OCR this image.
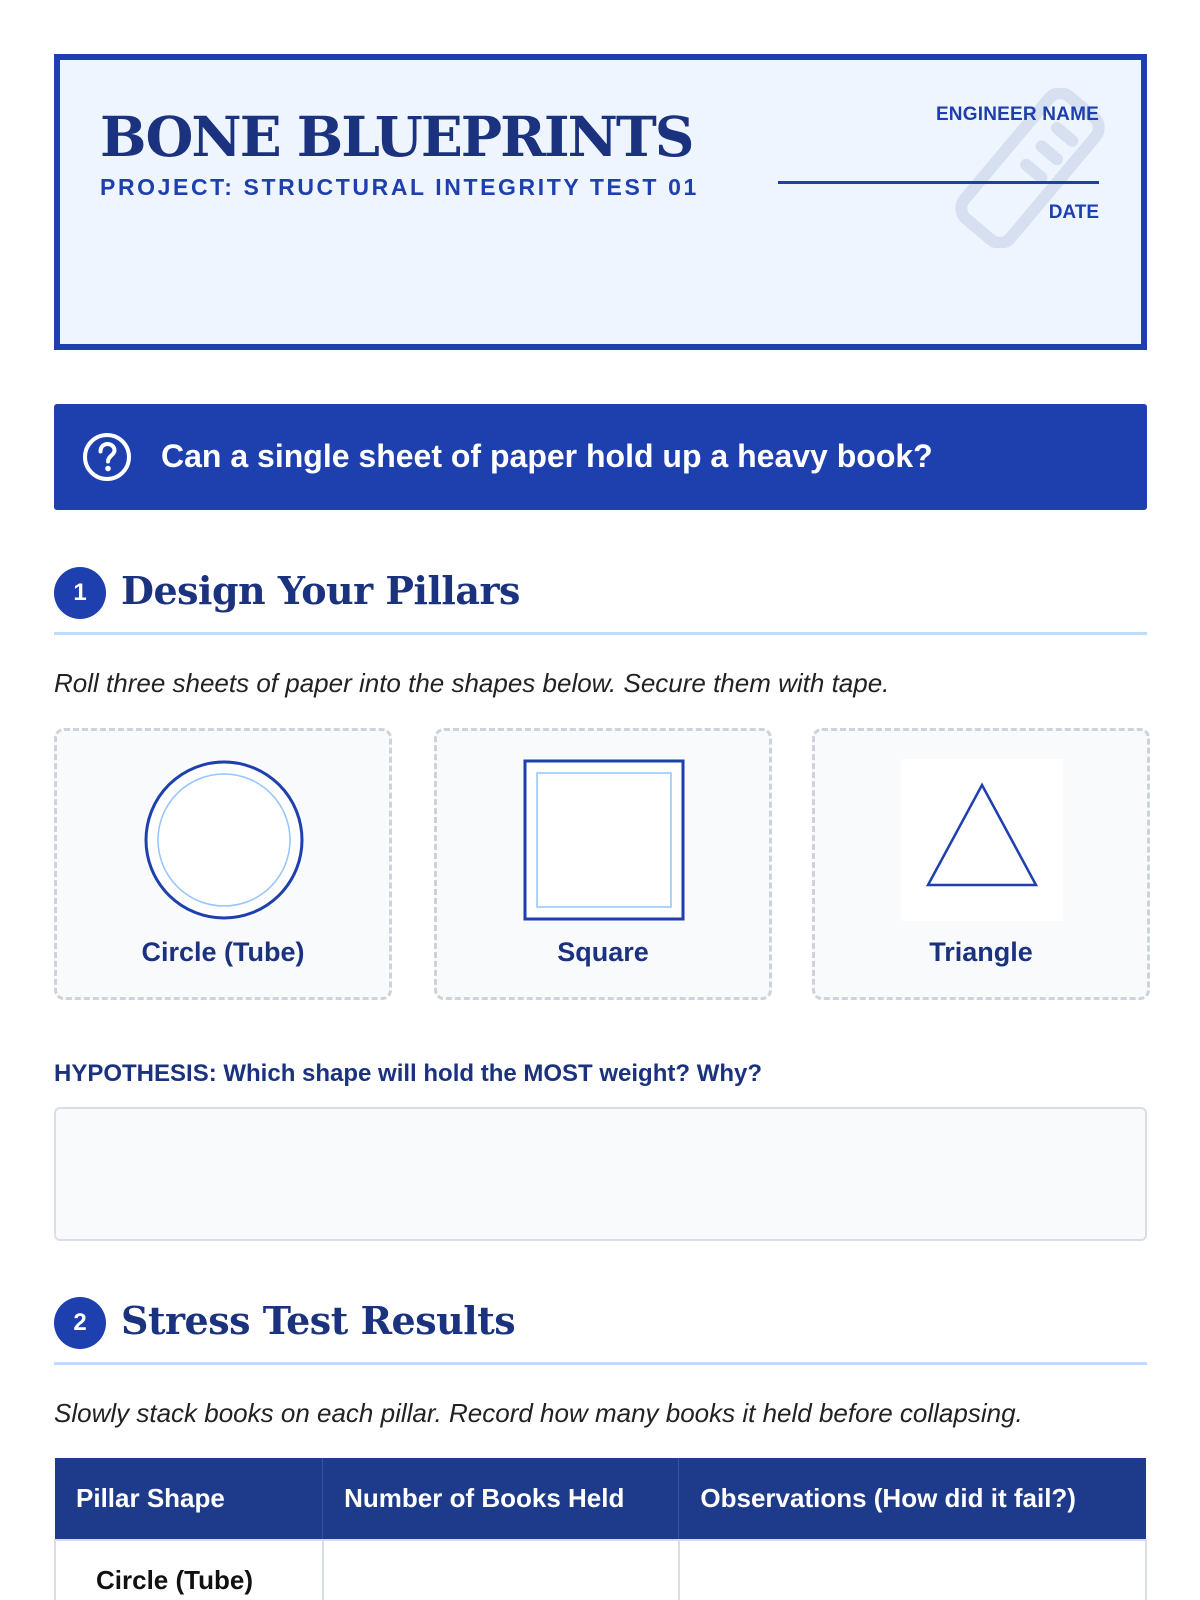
BONE BLUEPRINTS
PROJECT: STRUCTURAL INTEGRITY TEST 01
ENGINEER NAME
DATE
Can a single sheet of paper hold up a heavy book?
1 Design Your Pillars
Roll three sheets of paper into the shapes below. Secure them with tape.
Circle (Tube)	Square	Triangle
HYPOTHESIS: Which shape will hold the MOST weight? Why?
2 Stress Test Results
Slowly stack books on each pillar. Record how many books it held before collapsing.
Pillar Shape	Number of Books Held	Observations (How did it fail?)
Circle (Tube)		
